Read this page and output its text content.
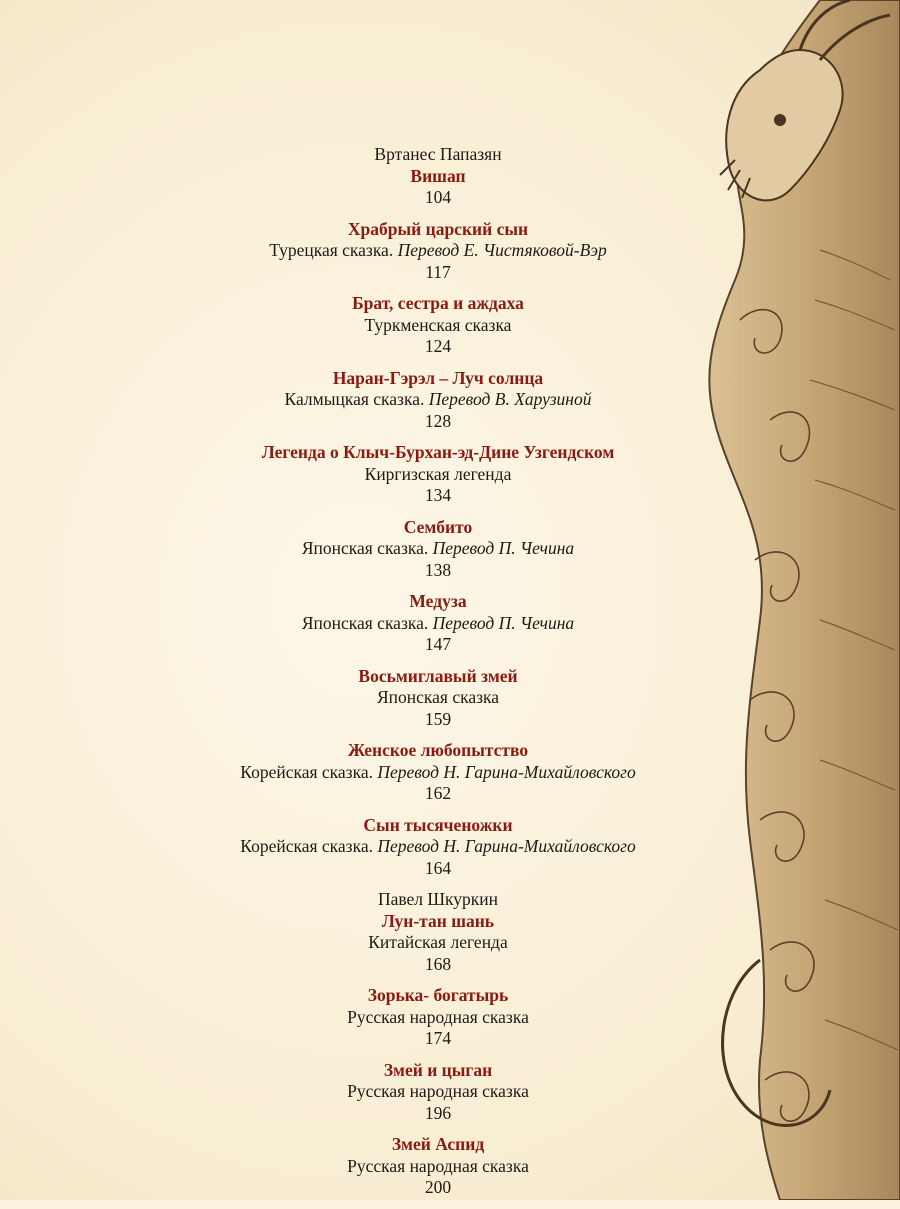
Вртанес Папазян
Вишап
104
Храбрый царский сын
Турецкая сказка. Перевод Е. Чистяковой-Вэр
117
Брат, сестра и аждаха
Туркменская сказка
124
Наран-Гэрэл – Луч солнца
Калмыцкая сказка. Перевод В. Харузиной
128
Легенда о Клыч-Бурхан-эд-Дине Узгендском
Киргизская легенда
134
Сембито
Японская сказка. Перевод П. Чечина
138
Медуза
Японская сказка. Перевод П. Чечина
147
Восьмиглавый змей
Японская сказка
159
Женское любопытство
Корейская сказка. Перевод Н. Гарина-Михайловского
162
Сын тысяченожки
Корейская сказка. Перевод Н. Гарина-Михайловского
164
Павел Шкуркин
Лун-тан шань
Китайская легенда
168
Зорька- богатырь
Русская народная сказка
174
Змей и цыган
Русская народная сказка
196
Змей Аспид
Русская народная сказка
200
